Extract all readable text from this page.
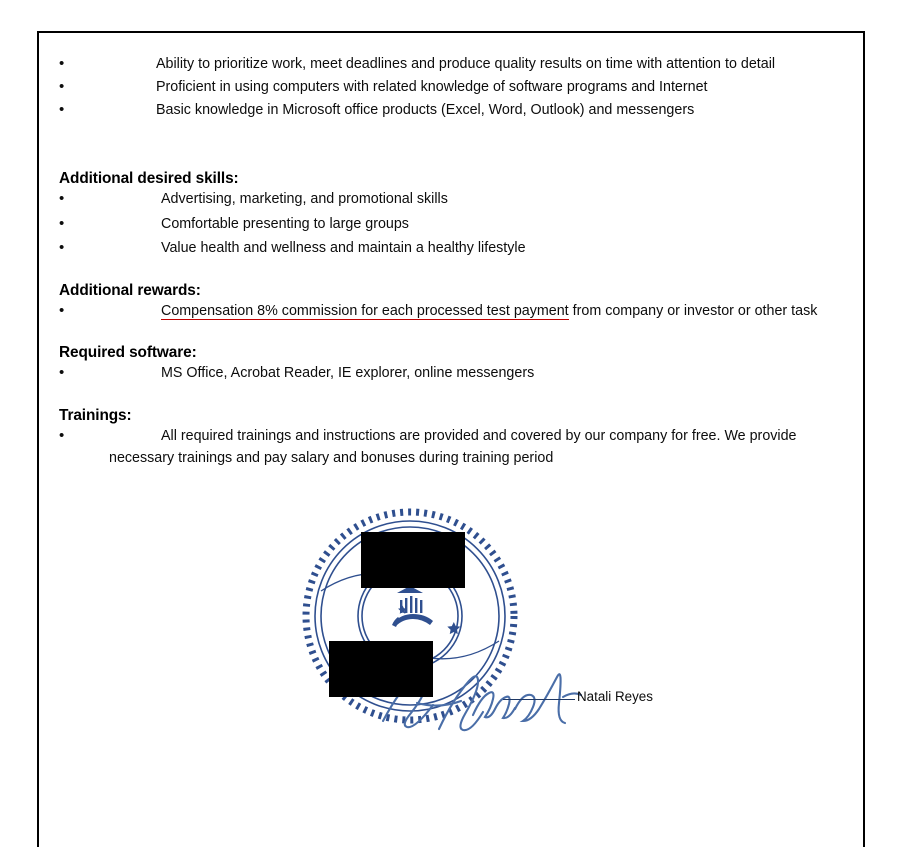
•	Ability to prioritize work, meet deadlines and produce quality results on time with attention to detail
•	Proficient in using computers with related knowledge of software programs and Internet
•	Basic knowledge in Microsoft office products (Excel, Word, Outlook) and messengers
Additional desired skills:
•	Advertising, marketing, and promotional skills
•	Comfortable presenting to large groups
•	Value health and wellness and maintain a healthy lifestyle
Additional rewards:
•	Compensation 8% commission for each processed test payment from company or investor or other task
Required software:
•	MS Office, Acrobat Reader, IE explorer, online messengers
Trainings:
•	All required trainings and instructions are provided and covered by our company for free. We provide necessary trainings and pay salary and bonuses during training period
Natali Reyes
